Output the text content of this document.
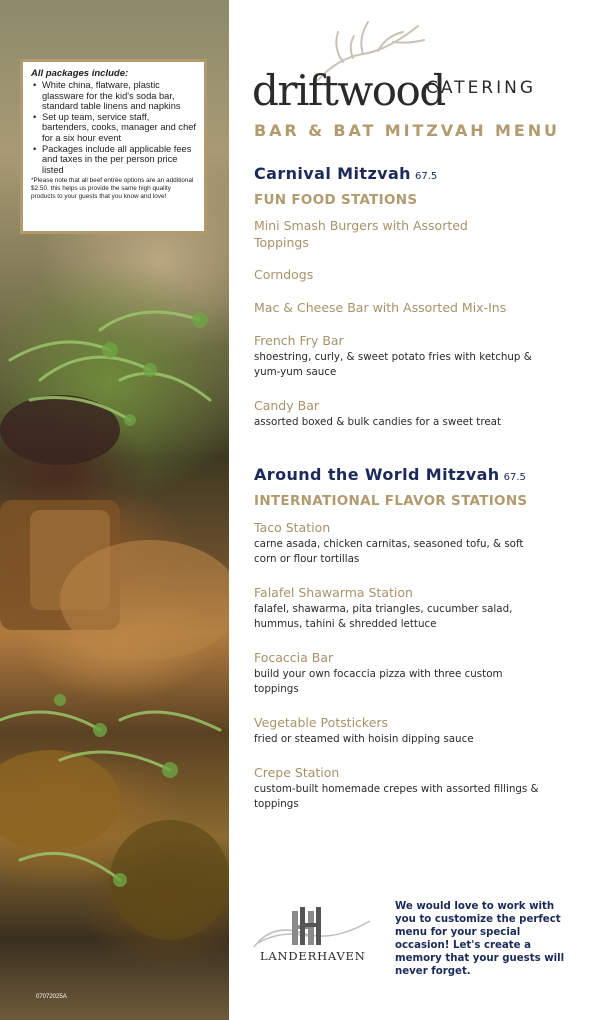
All packages include:
• White china, flatware, plastic glassware for the kid's soda bar, standard table linens and napkins
• Set up team, service staff, bartenders, cooks, manager and chef for a six hour event
• Packages include all applicable fees and taxes in the per person price listed
*Please note that all beef entrée options are an additional $2.50, this helps us provide the same high quality products to your guests that you know and love!
07072025A
driftwood
CATERING
BAR & BAT MITZVAH MENU
Carnival Mitzvah 67.5
FUN FOOD STATIONS
Mini Smash Burgers with Assorted Toppings
Corndogs
Mac & Cheese Bar with Assorted Mix-Ins
French Fry Bar
shoestring, curly, & sweet potato fries with ketchup & yum-yum sauce
Candy Bar
assorted boxed & bulk candies for a sweet treat
Around the World Mitzvah 67.5
INTERNATIONAL FLAVOR STATIONS
Taco Station
carne asada, chicken carnitas, seasoned tofu, & soft corn or flour tortillas
Falafel Shawarma Station
falafel, shawarma, pita triangles, cucumber salad, hummus, tahini & shredded lettuce
Focaccia Bar
build your own focaccia pizza with three custom toppings
Vegetable Potstickers
fried or steamed with hoisin dipping sauce
Crepe Station
custom-built homemade crepes with assorted fillings & toppings
LANDERHAVEN
We would love to work with you to customize the perfect menu for your special occasion! Let's create a memory that your guests will never forget.
